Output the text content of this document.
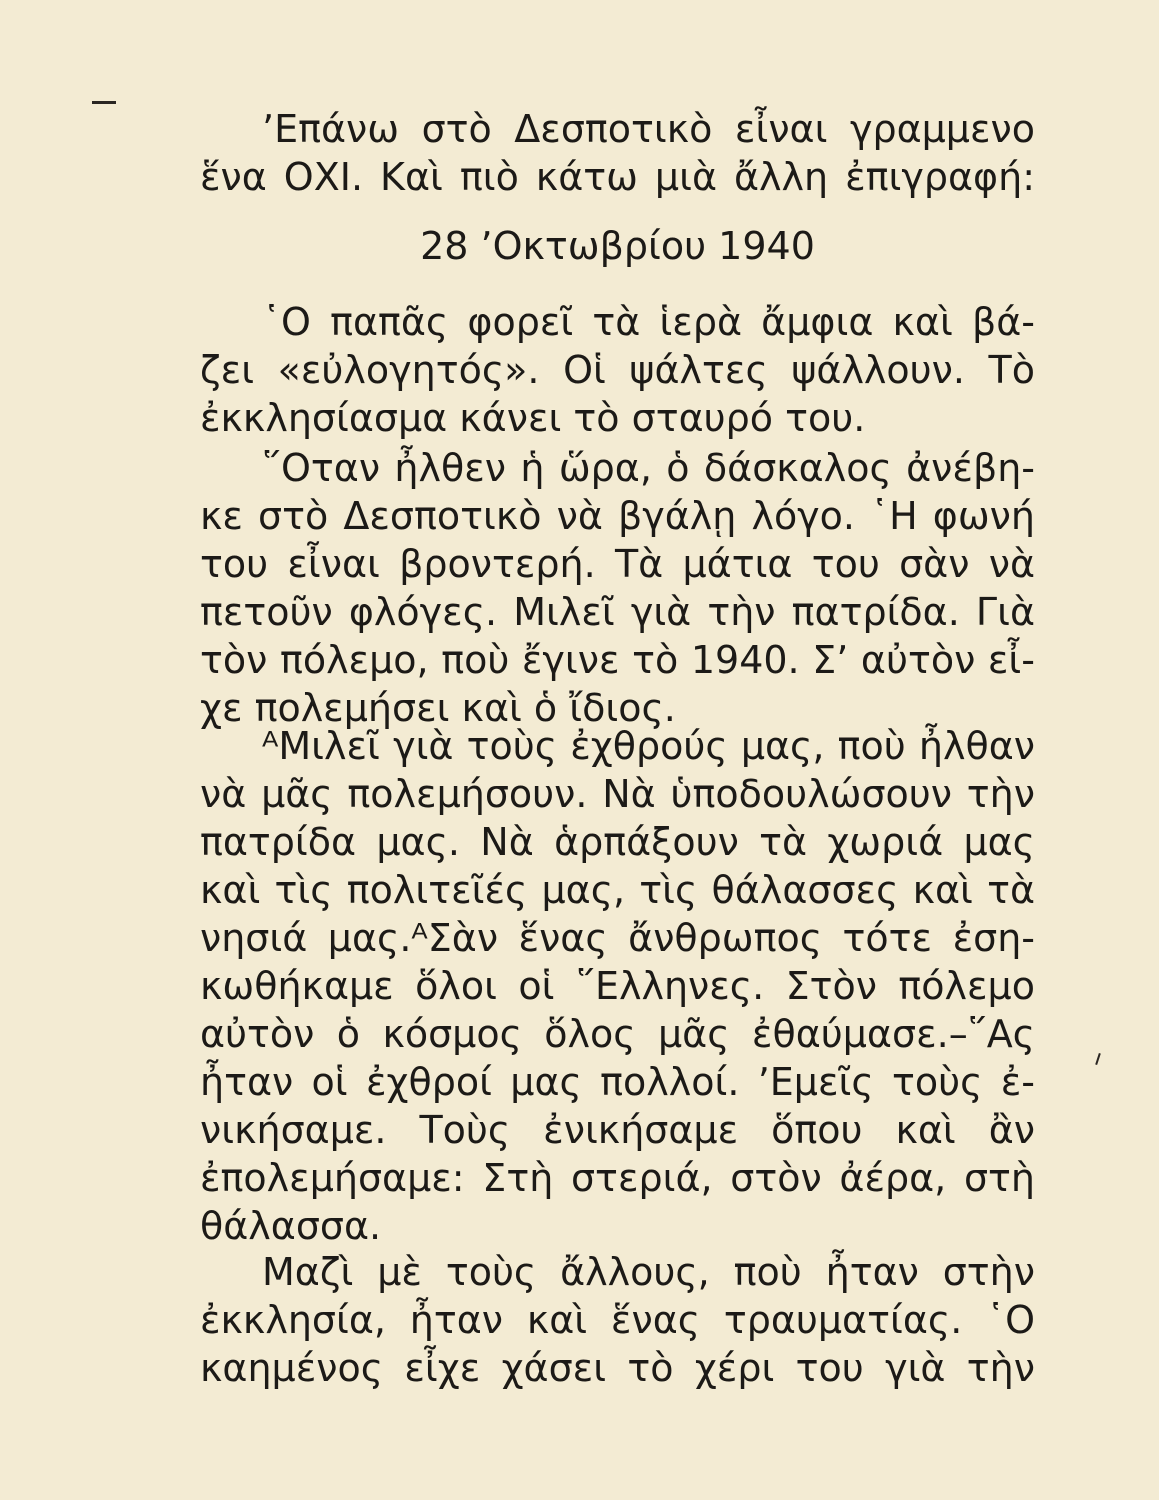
’Επάνω στὸ Δεσποτικὸ εἶναι γραμμενο
ἕνα ΟΧΙ. Καὶ πιὸ κάτω μιὰ ἄλλη ἐπιγραφή:
28 ’Οκτωβρίου 1940
῾Ο παπᾶς φορεῖ τὰ ἱερὰ ἄμφια καὶ βά-
ζει «εὐλογητός». Οἱ ψάλτες ψάλλουν. Τὸ
ἐκκλησίασμα κάνει τὸ σταυρό του.
῞Οταν ἦλθεν ἡ ὥρα, ὁ δάσκαλος ἀνέβη-
κε στὸ Δεσποτικὸ νὰ βγάλῃ λόγο. ῾Η φωνή
του εἶναι βροντερή. Τὰ μάτια του σὰν νὰ
πετοῦν φλόγες. Μιλεῖ γιὰ τὴν πατρίδα. Γιὰ
τὸν πόλεμο, ποὺ ἔγινε τὸ 1940. Σ’ αὐτὸν εἶ-
χε πολεμήσει καὶ ὁ ἴδιος.
ᴬΜιλεῖ γιὰ τοὺς ἐχθρούς μας, ποὺ ἦλθαν
νὰ μᾶς πολεμήσουν. Νὰ ὑποδουλώσουν τὴν
πατρίδα μας. Νὰ ἁρπάξουν τὰ χωριά μας
καὶ τὶς πολιτεῖές μας, τὶς θάλασσες καὶ τὰ
νησιά μας.ᴬΣὰν ἕνας ἄνθρωπος τότε ἐση-
κωθήκαμε ὅλοι οἱ ῞Ελληνες. Στὸν πόλεμο
αὐτὸν ὁ κόσμος ὅλος μᾶς ἐθαύμασε.–῞Ας
ἦταν οἱ ἐχθροί μας πολλοί. ’Εμεῖς τοὺς ἐ-
νικήσαμε. Τοὺς ἐνικήσαμε ὅπου καὶ ἂν
ἐπολεμήσαμε: Στὴ στεριά, στὸν ἀέρα, στὴ
θάλασσα.
Μαζὶ μὲ τοὺς ἄλλους, ποὺ ἦταν στὴν
ἐκκλησία, ἦταν καὶ ἕνας τραυματίας. ῾Ο
καημένος εἶχε χάσει τὸ χέρι του γιὰ τὴν
